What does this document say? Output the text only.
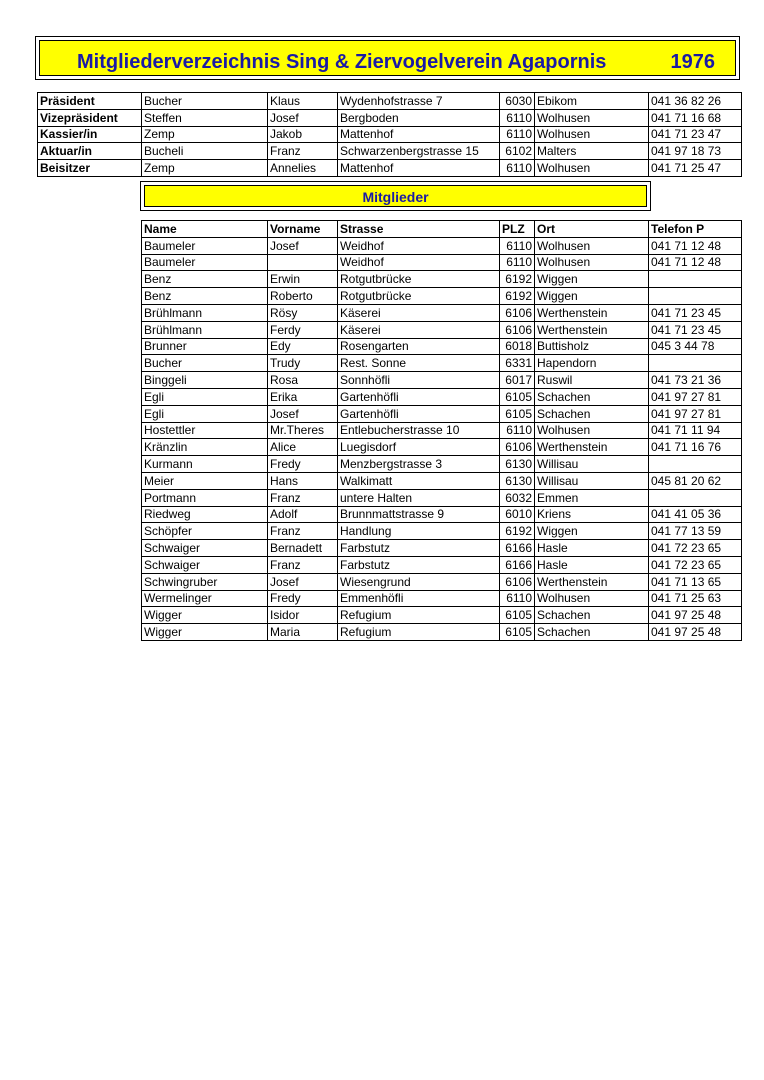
Mitgliederverzeichnis Sing & Ziervogelverein Agapornis	1976
Präsident	Bucher	Klaus	Wydenhofstrasse 7	6030	Ebikom	041 36 82 26
Vizepräsident	Steffen	Josef	Bergboden	6110	Wolhusen	041 71 16 68
Kassier/in	Zemp	Jakob	Mattenhof	6110	Wolhusen	041 71 23 47
Aktuar/in	Bucheli	Franz	Schwarzenbergstrasse 15	6102	Malters	041 97 18 73
Beisitzer	Zemp	Annelies	Mattenhof	6110	Wolhusen	041 71 25 47
Mitglieder
Name	Vorname	Strasse	PLZ	Ort	Telefon P
Baumeler	Josef	Weidhof	6110	Wolhusen	041 71 12 48
Baumeler		Weidhof	6110	Wolhusen	041 71 12 48
Benz	Erwin	Rotgutbrücke	6192	Wiggen	
Benz	Roberto	Rotgutbrücke	6192	Wiggen	
Brühlmann	Rösy	Käserei	6106	Werthenstein	041 71 23 45
Brühlmann	Ferdy	Käserei	6106	Werthenstein	041 71 23 45
Brunner	Edy	Rosengarten	6018	Buttisholz	045 3 44 78
Bucher	Trudy	Rest. Sonne	6331	Hapendorn	
Binggeli	Rosa	Sonnhöfli	6017	Ruswil	041 73 21 36
Egli	Erika	Gartenhöfli	6105	Schachen	041 97 27 81
Egli	Josef	Gartenhöfli	6105	Schachen	041 97 27 81
Hostettler	Mr.Theres	Entlebucherstrasse 10	6110	Wolhusen	041 71 11 94
Kränzlin	Alice	Luegisdorf	6106	Werthenstein	041 71 16 76
Kurmann	Fredy	Menzbergstrasse 3	6130	Willisau	
Meier	Hans	Walkimatt	6130	Willisau	045 81 20 62
Portmann	Franz	untere Halten	6032	Emmen	
Riedweg	Adolf	Brunnmattstrasse 9	6010	Kriens	041 41 05 36
Schöpfer	Franz	Handlung	6192	Wiggen	041 77 13 59
Schwaiger	Bernadett	Farbstutz	6166	Hasle	041 72 23 65
Schwaiger	Franz	Farbstutz	6166	Hasle	041 72 23 65
Schwingruber	Josef	Wiesengrund	6106	Werthenstein	041 71 13 65
Wermelinger	Fredy	Emmenhöfli	6110	Wolhusen	041 71 25 63
Wigger	Isidor	Refugium	6105	Schachen	041 97 25 48
Wigger	Maria	Refugium	6105	Schachen	041 97 25 48
